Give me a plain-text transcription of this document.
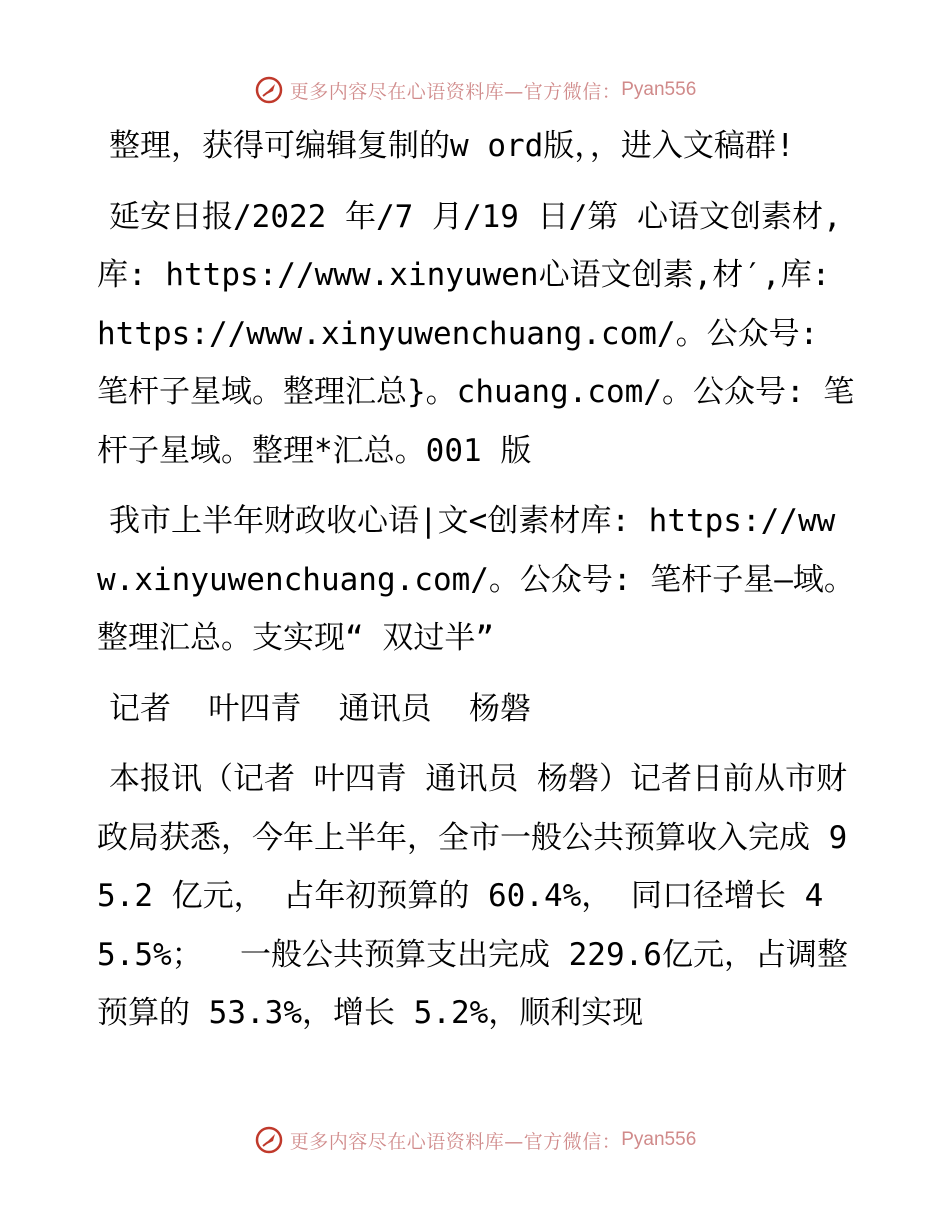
更多内容尽在心语资料库—官方微信： Pyan556

整理，获得可编辑复制的w ord版，，进入文稿群!

延安日报/2022 年/7 月/19 日/第 心语文创素材,库: https://www.xinyuwen心语文创素,材′,库: https://www.xinyuwenchuang.com/。公众号: 笔杆子星域。整理汇总}。chuang.com/。公众号: 笔杆子星域。整理*汇总。001 版

我市上半年财政收心语|文<创素材库: https://www.xinyuwenchuang.com/。公众号: 笔杆子星—域。整理汇总。支实现“ 双过半”

记者  叶四青  通讯员  杨磐

本报讯（记者 叶四青 通讯员 杨磐）记者日前从市财政局获悉，今年上半年，全市一般公共预算收入完成 95.2 亿元， 占年初预算的 60.4%， 同口径增长 45.5%；  一般公共预算支出完成 229.6亿元，占调整预算的 53.3%，增长 5.2%，顺利实现

更多内容尽在心语资料库—官方微信： Pyan556
